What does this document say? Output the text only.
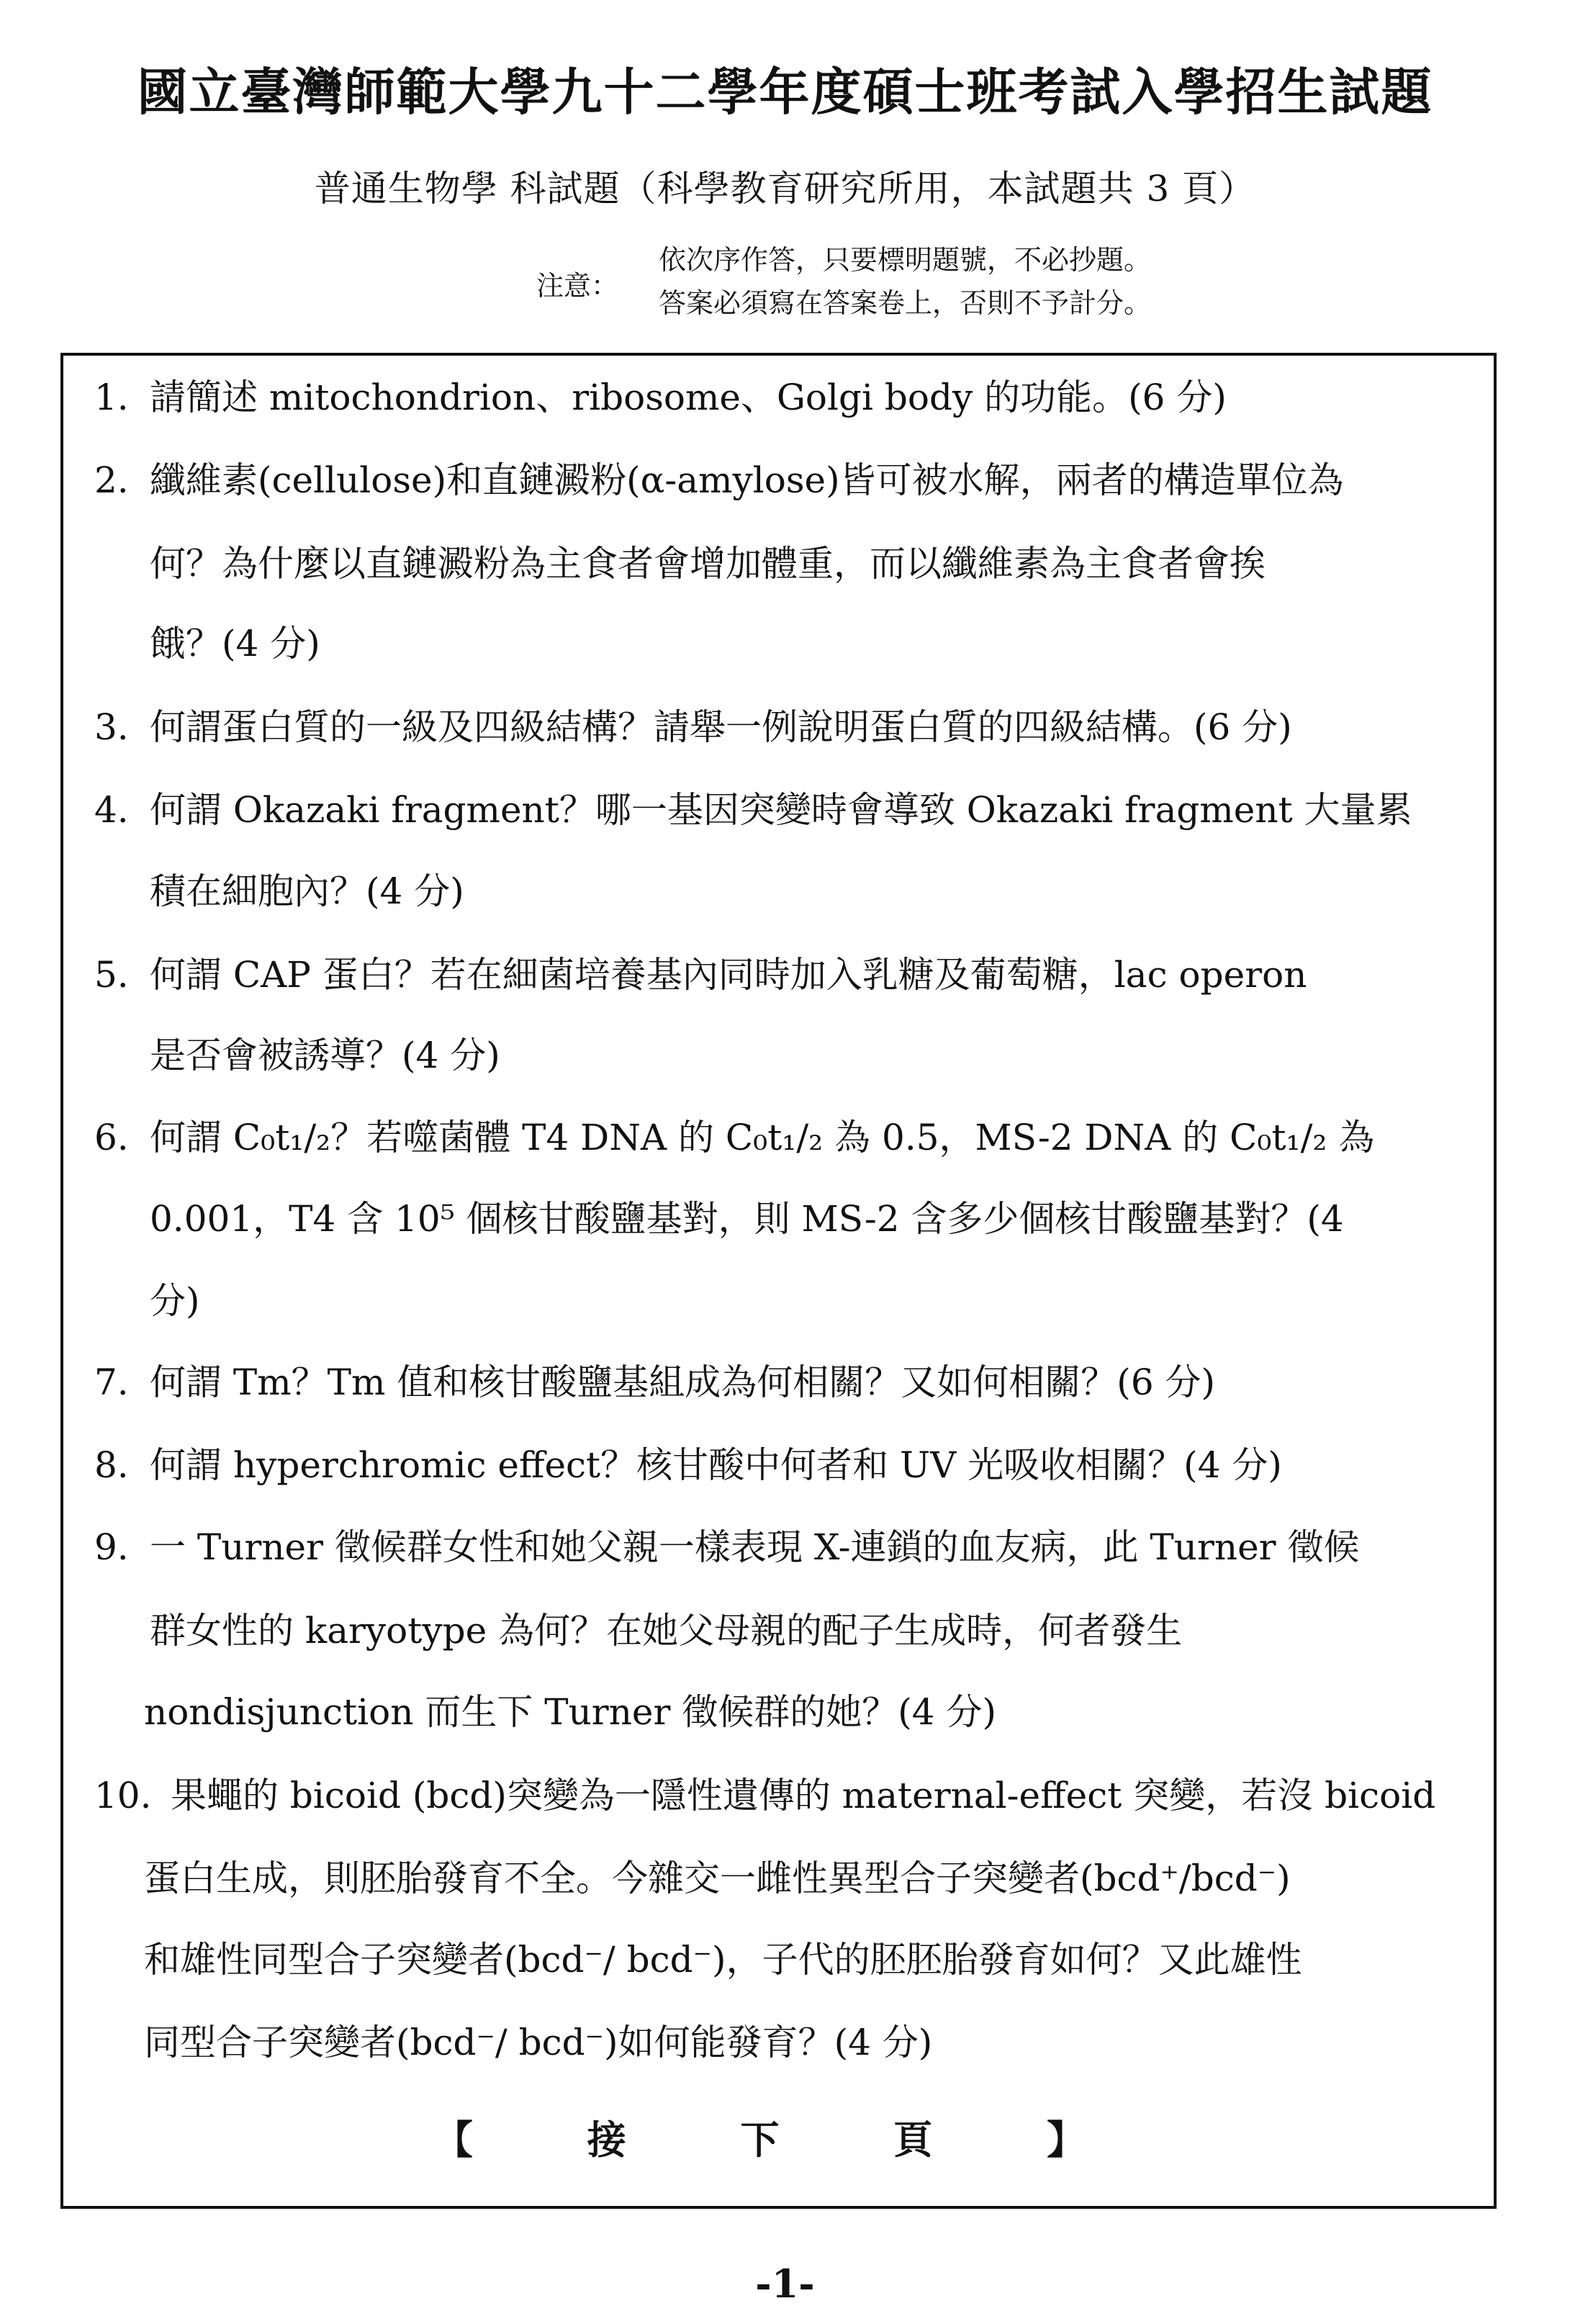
國立臺灣師範大學九十二學年度碩士班考試入學招生試題
普通生物學 科試題（科學教育研究所用，本試題共 3 頁）
注意：
依次序作答，只要標明題號，不必抄題。
答案必須寫在答案卷上，否則不予計分。
1. 請簡述 mitochondrion、ribosome、Golgi body 的功能。(6 分)
2. 纖維素(cellulose)和直鏈澱粉(α-amylose)皆可被水解，兩者的構造單位為
何？為什麼以直鏈澱粉為主食者會增加體重，而以纖維素為主食者會挨
餓？(4 分)
3. 何謂蛋白質的一級及四級結構？請舉一例說明蛋白質的四級結構。(6 分)
4. 何謂 Okazaki fragment？哪一基因突變時會導致 Okazaki fragment 大量累
積在細胞內？(4 分)
5. 何謂 CAP 蛋白？若在細菌培養基內同時加入乳糖及葡萄糖，lac operon
是否會被誘導？(4 分)
6. 何謂 C₀t₁/₂？若噬菌體 T4 DNA 的 C₀t₁/₂ 為 0.5，MS-2 DNA 的 C₀t₁/₂ 為
0.001，T4 含 10⁵ 個核甘酸鹽基對，則 MS-2 含多少個核甘酸鹽基對？(4
分)
7. 何謂 Tm？Tm 值和核甘酸鹽基組成為何相關？又如何相關？(6 分)
8. 何謂 hyperchromic effect？核甘酸中何者和 UV 光吸收相關？(4 分)
9. 一 Turner 徵候群女性和她父親一樣表現 X-連鎖的血友病，此 Turner 徵候
群女性的 karyotype 為何？在她父母親的配子生成時，何者發生
nondisjunction 而生下 Turner 徵候群的她？(4 分)
10. 果蠅的 bicoid (bcd)突變為一隱性遺傳的 maternal-effect 突變，若沒 bicoid
蛋白生成，則胚胎發育不全。今雜交一雌性異型合子突變者(bcd⁺/bcd⁻)
和雄性同型合子突變者(bcd⁻/ bcd⁻)，子代的胚胚胎發育如何？又此雄性
同型合子突變者(bcd⁻/ bcd⁻)如何能發育？(4 分)
【 接 下 頁 】
-1-
